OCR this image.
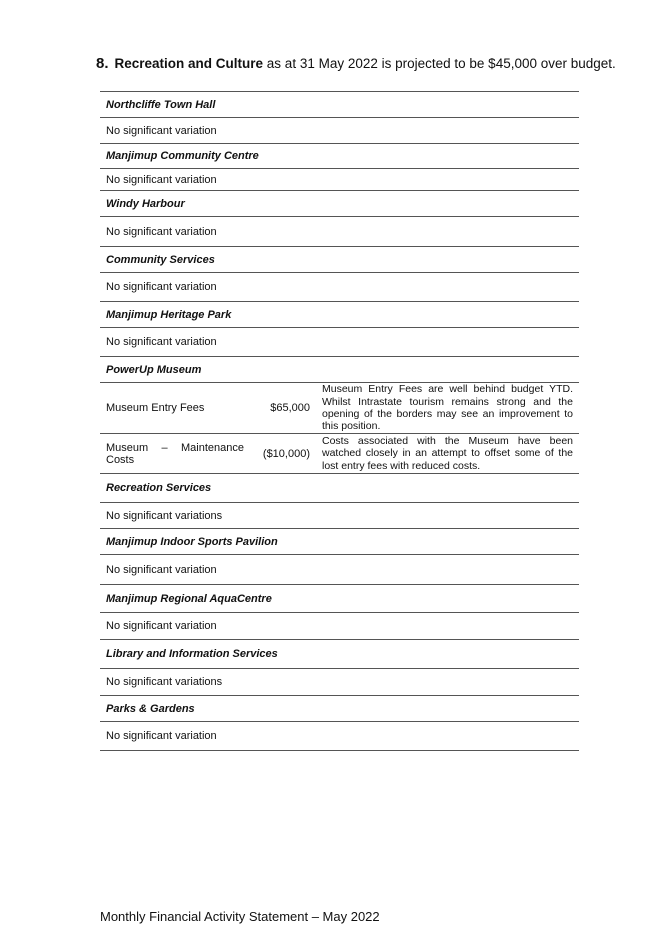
8. Recreation and Culture as at 31 May 2022 is projected to be $45,000 over budget.
Northcliffe Town Hall
No significant variation
Manjimup Community Centre
No significant variation
Windy Harbour
No significant variation
Community Services
No significant variation
Manjimup Heritage Park
No significant variation
PowerUp Museum
Museum Entry Fees	$65,000
Museum Entry Fees are well behind budget YTD. Whilst Intrastate tourism remains strong and the opening of the borders may see an improvement to this position.
Museum – Maintenance Costs	($10,000)
Costs associated with the Museum have been watched closely in an attempt to offset some of the lost entry fees with reduced costs.
Recreation Services
No significant variations
Manjimup Indoor Sports Pavilion
No significant variation
Manjimup Regional AquaCentre
No significant variation
Library and Information Services
No significant variations
Parks & Gardens
No significant variation
Monthly Financial Activity Statement – May 2022
